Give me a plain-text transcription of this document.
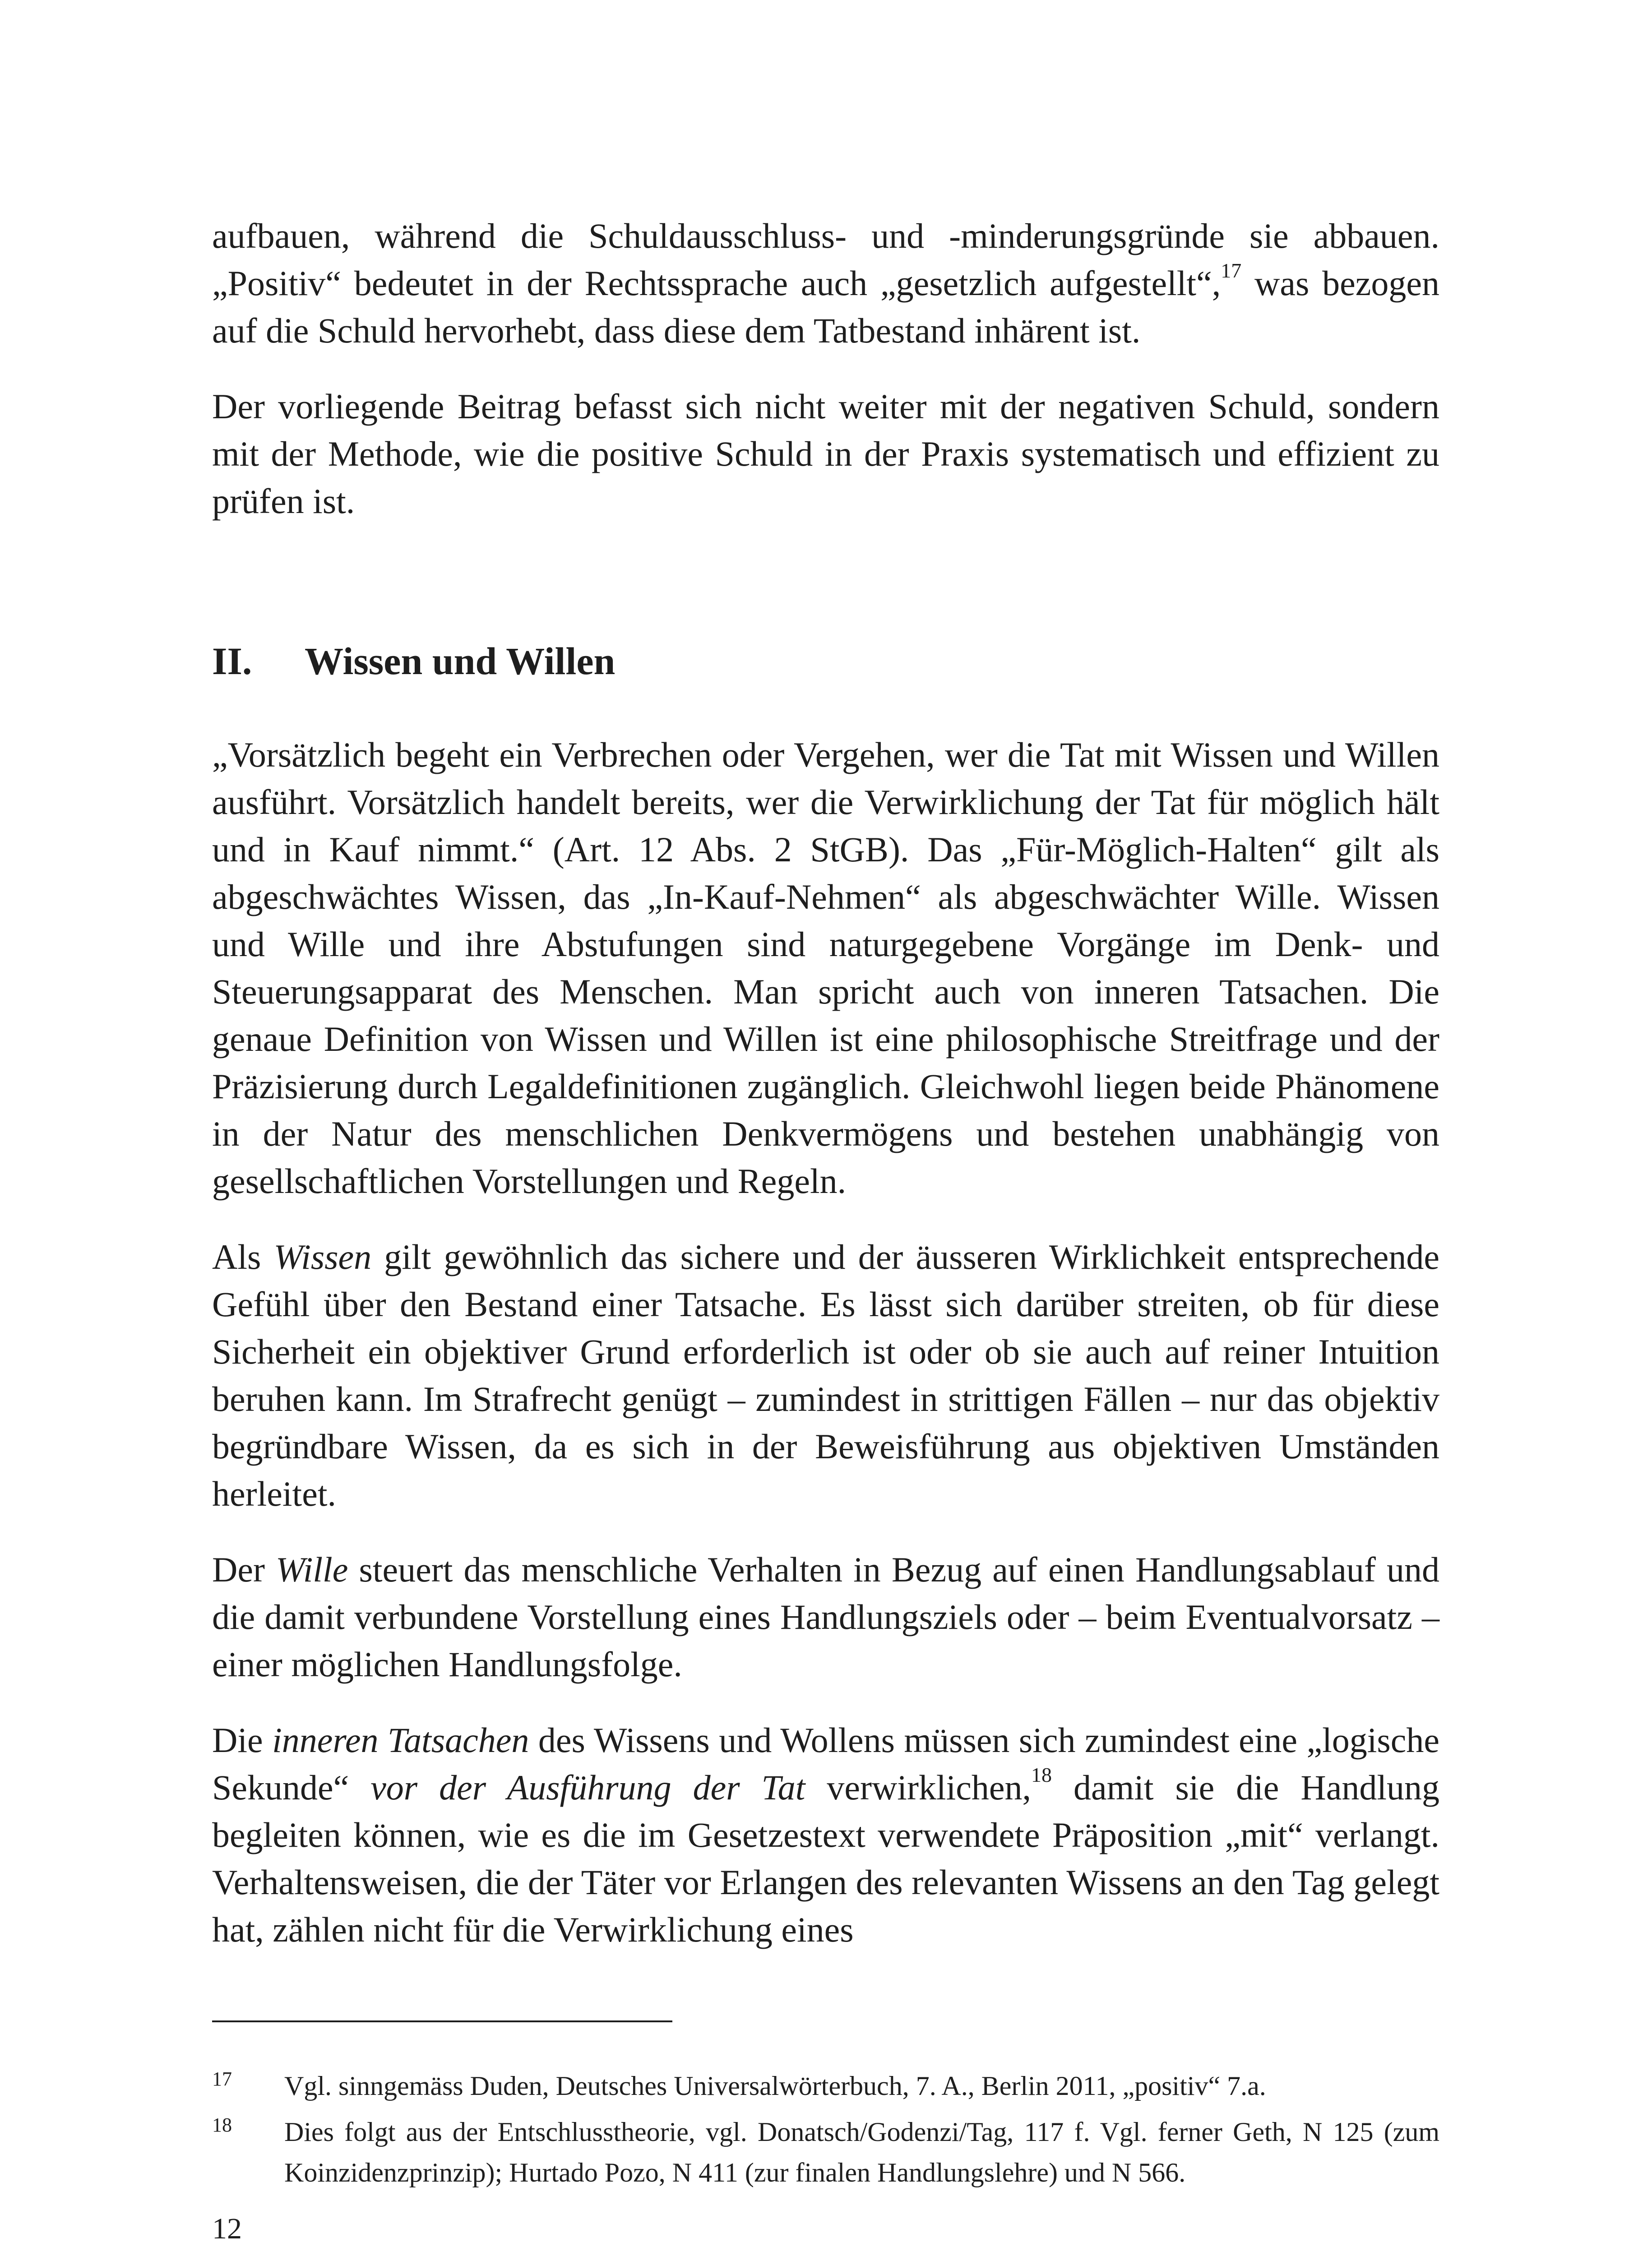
aufbauen, während die Schuldausschluss- und -minderungsgründe sie abbauen. „Positiv“ bedeutet in der Rechtssprache auch „gesetzlich aufgestellt“,$^{17}$ was bezogen auf die Schuld hervorhebt, dass diese dem Tatbestand inhärent ist.

Der vorliegende Beitrag befasst sich nicht weiter mit der negativen Schuld, sondern mit der Methode, wie die positive Schuld in der Praxis systematisch und effizient zu prüfen ist.

II.	Wissen und Willen

„Vorsätzlich begeht ein Verbrechen oder Vergehen, wer die Tat mit Wissen und Willen ausführt. Vorsätzlich handelt bereits, wer die Verwirklichung der Tat für möglich hält und in Kauf nimmt.“ (Art. 12 Abs. 2 StGB). Das „Für-Möglich-Halten“ gilt als abgeschwächtes Wissen, das „In-Kauf-Nehmen“ als abgeschwächter Wille. Wissen und Wille und ihre Abstufungen sind naturgegebene Vorgänge im Denk- und Steuerungsapparat des Menschen. Man spricht auch von inneren Tatsachen. Die genaue Definition von Wissen und Willen ist eine philosophische Streitfrage und der Präzisierung durch Legaldefinitionen zugänglich. Gleichwohl liegen beide Phänomene in der Natur des menschlichen Denkvermögens und bestehen unabhängig von gesellschaftlichen Vorstellungen und Regeln.

Als Wissen gilt gewöhnlich das sichere und der äusseren Wirklichkeit entsprechende Gefühl über den Bestand einer Tatsache. Es lässt sich darüber streiten, ob für diese Sicherheit ein objektiver Grund erforderlich ist oder ob sie auch auf reiner Intuition beruhen kann. Im Strafrecht genügt – zumindest in strittigen Fällen – nur das objektiv begründbare Wissen, da es sich in der Beweisführung aus objektiven Umständen herleitet.

Der Wille steuert das menschliche Verhalten in Bezug auf einen Handlungsablauf und die damit verbundene Vorstellung eines Handlungsziels oder – beim Eventualvorsatz – einer möglichen Handlungsfolge.

Die inneren Tatsachen des Wissens und Wollens müssen sich zumindest eine „logische Sekunde“ vor der Ausführung der Tat verwirklichen,$^{18}$ damit sie die Handlung begleiten können, wie es die im Gesetzestext verwendete Präposition „mit“ verlangt. Verhaltensweisen, die der Täter vor Erlangen des relevanten Wissens an den Tag gelegt hat, zählen nicht für die Verwirklichung eines

17	Vgl. sinngemäss Duden, Deutsches Universalwörterbuch, 7. A., Berlin 2011, „positiv“ 7.a.

18	Dies folgt aus der Entschlusstheorie, vgl. Donatsch/Godenzi/Tag, 117 f. Vgl. ferner Geth, N 125 (zum Koinzidenzprinzip); Hurtado Pozo, N 411 (zur finalen Handlungslehre) und N 566.

12
